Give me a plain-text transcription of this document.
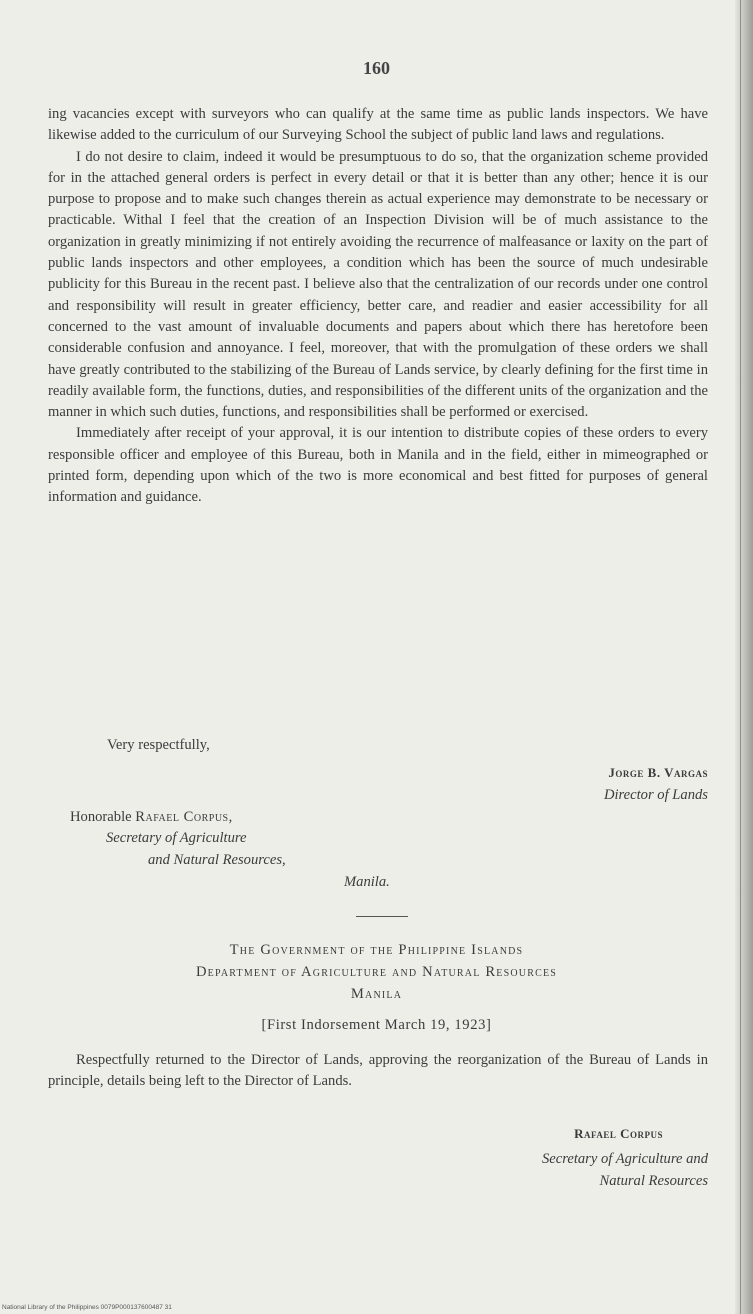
160

ing vacancies except with surveyors who can qualify at the same time as public lands inspectors. We have likewise added to the curriculum of our Surveying School the subject of public land laws and regulations.

I do not desire to claim, indeed it would be presumptuous to do so, that the organization scheme provided for in the attached general orders is perfect in every detail or that it is better than any other; hence it is our purpose to propose and to make such changes therein as actual experience may demonstrate to be necessary or practicable. Withal I feel that the creation of an Inspection Division will be of much assistance to the organization in greatly minimizing if not entirely avoiding the recurrence of malfeasance or laxity on the part of public lands inspectors and other employees, a condition which has been the source of much undesirable publicity for this Bureau in the recent past. I believe also that the centralization of our records under one control and responsibility will result in greater efficiency, better care, and readier and easier accessibility for all concerned to the vast amount of invaluable documents and papers about which there has heretofore been considerable confusion and annoyance. I feel, moreover, that with the promulgation of these orders we shall have greatly contributed to the stabilizing of the Bureau of Lands service, by clearly defining for the first time in readily available form, the functions, duties, and responsibilities of the different units of the organization and the manner in which such duties, functions, and responsibilities shall be performed or exercised.

Immediately after receipt of your approval, it is our intention to distribute copies of these orders to every responsible officer and employee of this Bureau, both in Manila and in the field, either in mimeographed or printed form, depending upon which of the two is more economical and best fitted for purposes of general information and guidance.

Very respectfully,
Jorge B. Vargas
Director of Lands
Honorable Rafael Corpus,
Secretary of Agriculture
and Natural Resources,
Manila.
The Government of the Philippine Islands
Department of Agriculture and Natural Resources
Manila
[First Indorsement March 19, 1923]

Respectfully returned to the Director of Lands, approving the reorganization of the Bureau of Lands in principle, details being left to the Director of Lands.

Rafael Corpus
Secretary of Agriculture and
Natural Resources
National Library of the Philippines 0079P000137600487 31
